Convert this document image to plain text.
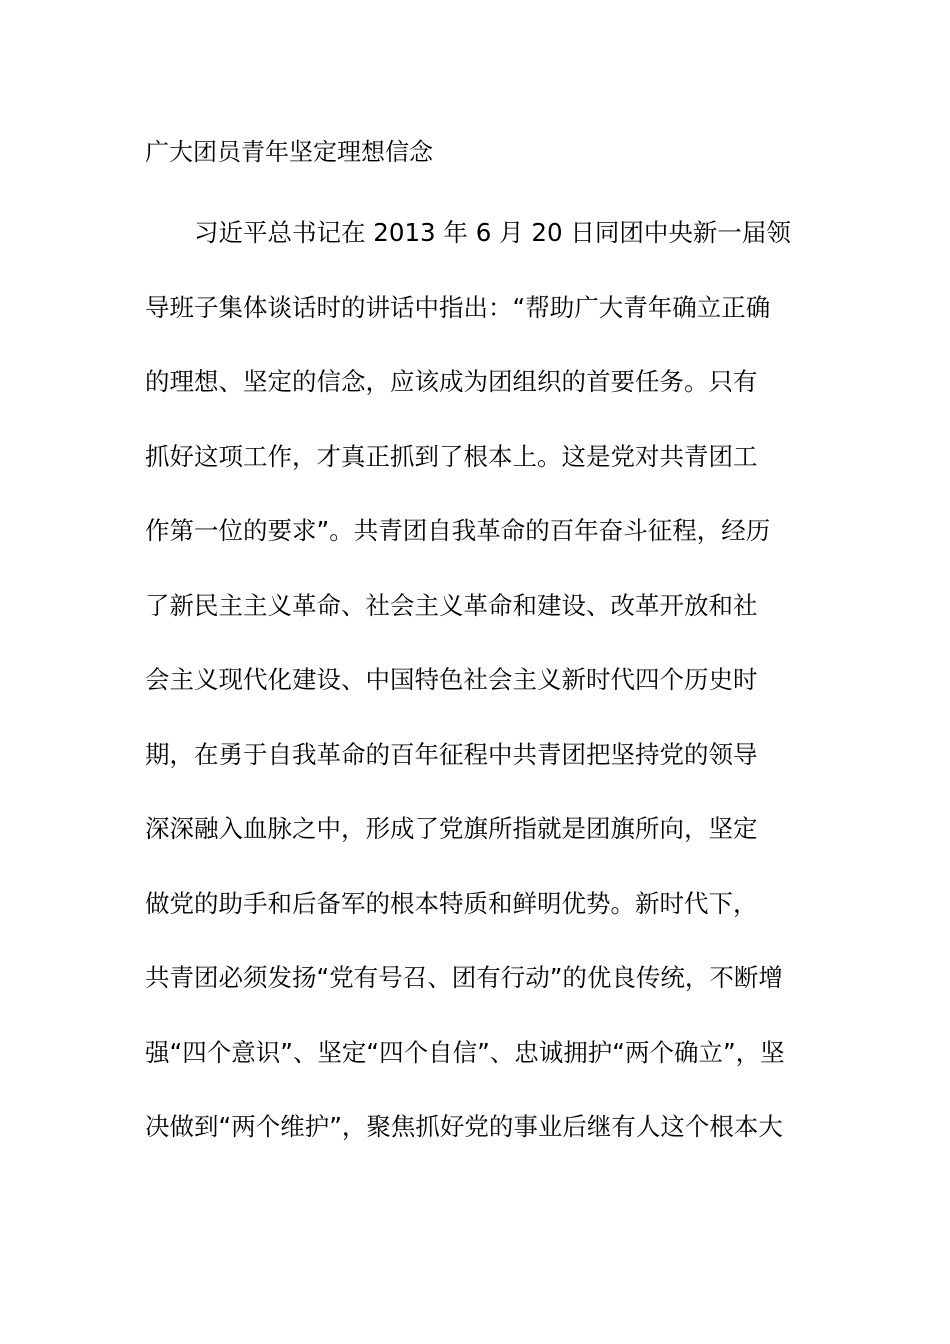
广大团员青年坚定理想信念
习近平总书记在 2013 年 6 月 20 日同团中央新一届领
导班子集体谈话时的讲话中指出：“帮助广大青年确立正确
的理想、坚定的信念，应该成为团组织的首要任务。只有
抓好这项工作，才真正抓到了根本上。这是党对共青团工
作第一位的要求”。共青团自我革命的百年奋斗征程，经历
了新民主主义革命、社会主义革命和建设、改革开放和社
会主义现代化建设、中国特色社会主义新时代四个历史时
期，在勇于自我革命的百年征程中共青团把坚持党的领导
深深融入血脉之中，形成了党旗所指就是团旗所向，坚定
做党的助手和后备军的根本特质和鲜明优势。新时代下，
共青团必须发扬“党有号召、团有行动”的优良传统，不断增
强“四个意识”、坚定“四个自信”、忠诚拥护“两个确立”，坚
决做到“两个维护”，聚焦抓好党的事业后继有人这个根本大
